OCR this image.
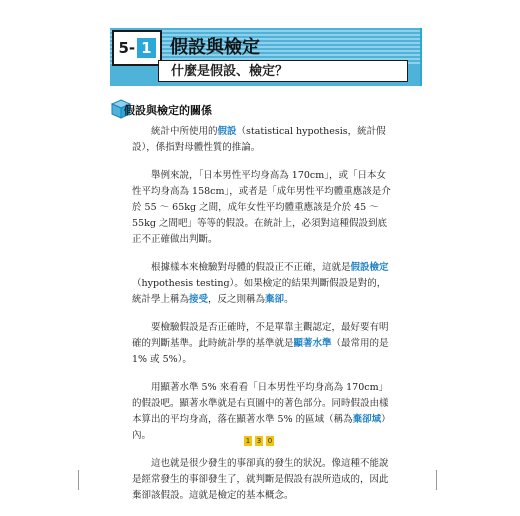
5- 1 假設與檢定
什麼是假設、檢定？
假設與檢定的關係

統計中所使用的假設（statistical hypothesis，統計假設），係指對母體性質的推論。

舉例來說，「日本男性平均身高為 170cm」，或「日本女性平均身高為 158cm」，或者是「成年男性平均體重應該是介於 55 ～ 65kg 之間，成年女性平均體重應該是介於 45 ～ 55kg 之間吧」等等的假設。在統計上，必須對這種假設到底正不正確做出判斷。

根據樣本來檢驗對母體的假設正不正確，這就是假設檢定（hypothesis testing）。如果檢定的結果判斷假設是對的，統計學上稱為接受，反之則稱為棄卻。

要檢驗假設是否正確時，不是單靠主觀認定，最好要有明確的判斷基準。此時統計學的基準就是顯著水準（最常用的是 1% 或 5%）。

用顯著水準 5% 來看看「日本男性平均身高為 170cm」的假設吧。顯著水準就是右頁圖中的著色部分。同時假設由樣本算出的平均身高，落在顯著水準 5% 的區域（稱為棄卻域）內。

這也就是很少發生的事卻真的發生的狀況。像這種不能說是經常發生的事卻發生了，就判斷是假設有誤所造成的，因此棄卻該假設。這就是檢定的基本概念。

1 3 0
